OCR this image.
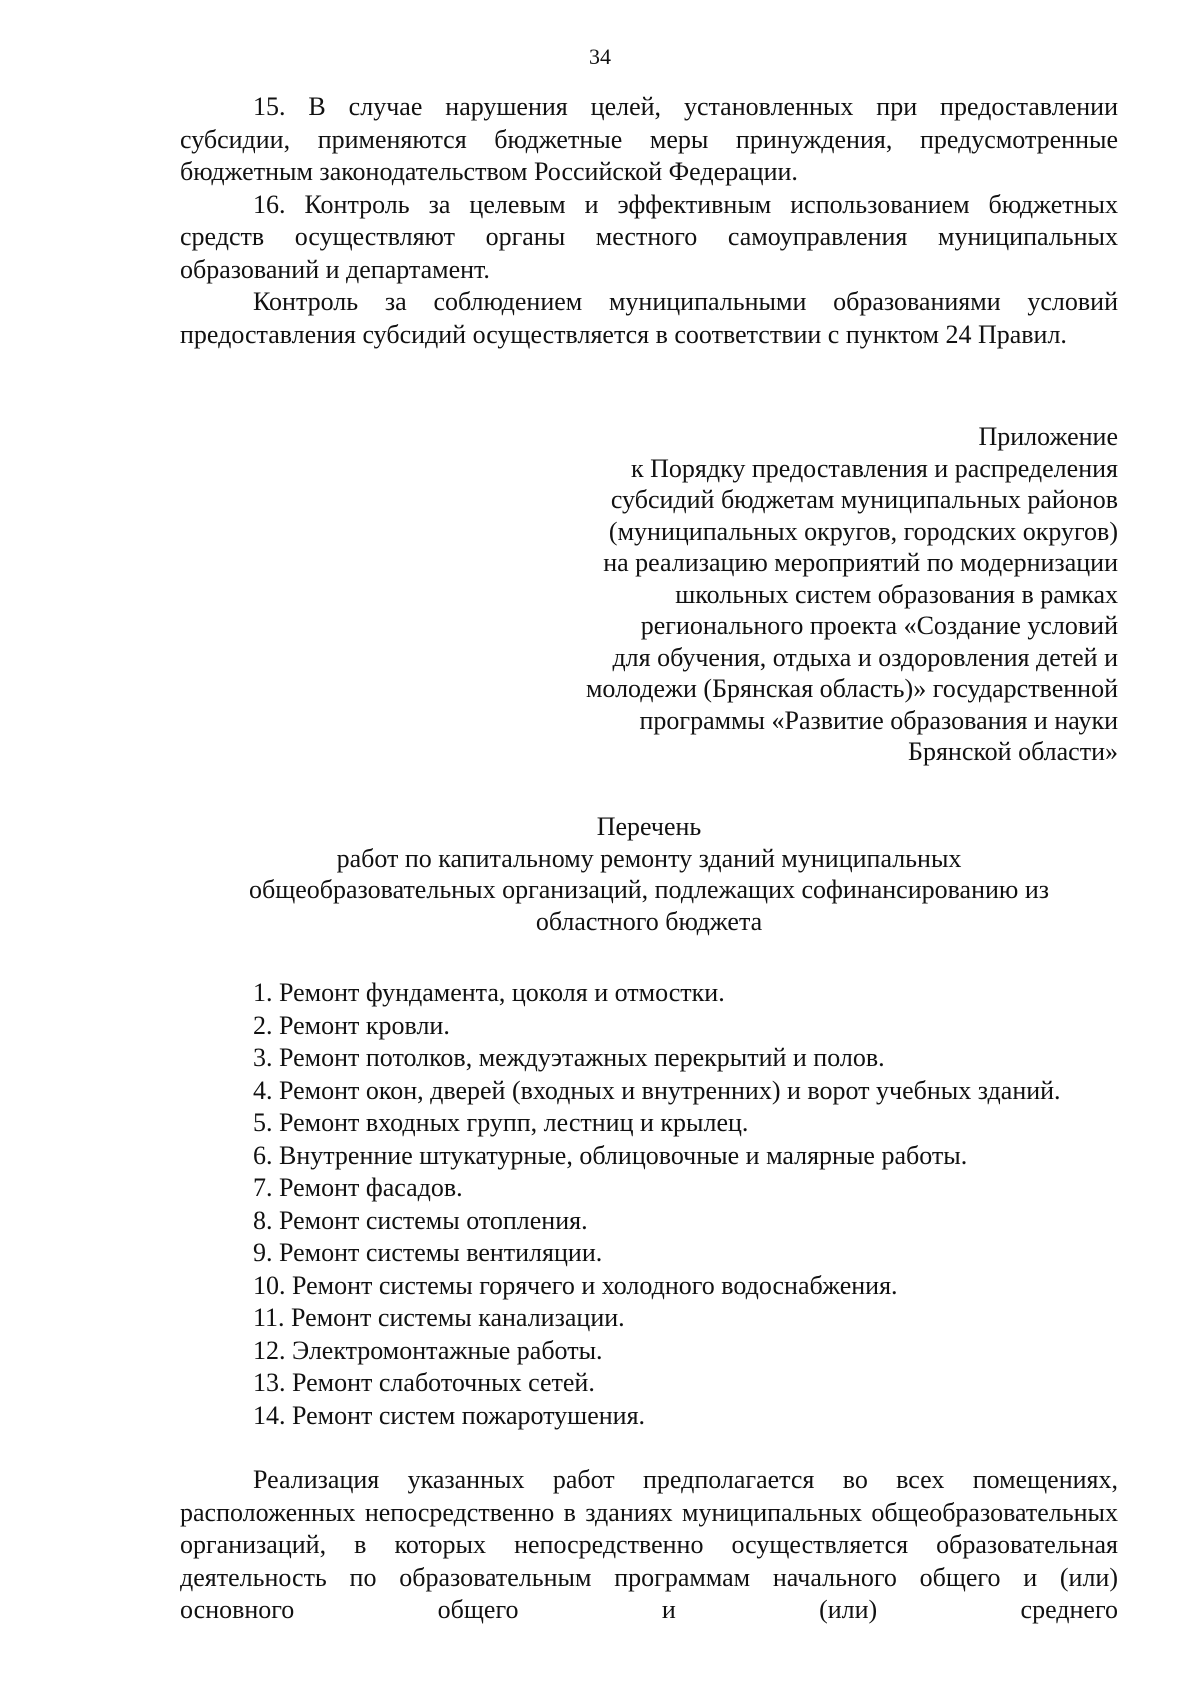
34

15. В случае нарушения целей, установленных при предоставлении субсидии, применяются бюджетные меры принуждения, предусмотренные бюджетным законодательством Российской Федерации.

16. Контроль за целевым и эффективным использованием бюджетных средств осуществляют органы местного самоуправления муниципальных образований и департамент.

Контроль за соблюдением муниципальными образованиями условий предоставления субсидий осуществляется в соответствии с пунктом 24 Правил.

Приложение
к Порядку предоставления и распределения
субсидий бюджетам муниципальных районов
(муниципальных округов, городских округов)
на реализацию мероприятий по модернизации
школьных систем образования в рамках
регионального проекта «Создание условий
для обучения, отдыха и оздоровления детей и
молодежи (Брянская область)» государственной
программы «Развитие образования и науки
Брянской области»
Перечень
работ по капитальному ремонту зданий муниципальных
общеобразовательных организаций, подлежащих софинансированию из
областного бюджета
1. Ремонт фундамента, цоколя и отмостки.
2. Ремонт кровли.
3. Ремонт потолков, междуэтажных перекрытий и полов.
4. Ремонт окон, дверей (входных и внутренних) и ворот учебных зданий.
5. Ремонт входных групп, лестниц и крылец.
6. Внутренние штукатурные, облицовочные и малярные работы.
7. Ремонт фасадов.
8. Ремонт системы отопления.
9. Ремонт системы вентиляции.
10. Ремонт системы горячего и холодного водоснабжения.
11. Ремонт системы канализации.
12. Электромонтажные работы.
13. Ремонт слаботочных сетей.
14. Ремонт систем пожаротушения.

Реализация указанных работ предполагается во всех помещениях, расположенных непосредственно в зданиях муниципальных общеобразовательных организаций, в которых непосредственно осуществляется образовательная деятельность по образовательным программам начального общего и (или) основного общего и (или) среднего
